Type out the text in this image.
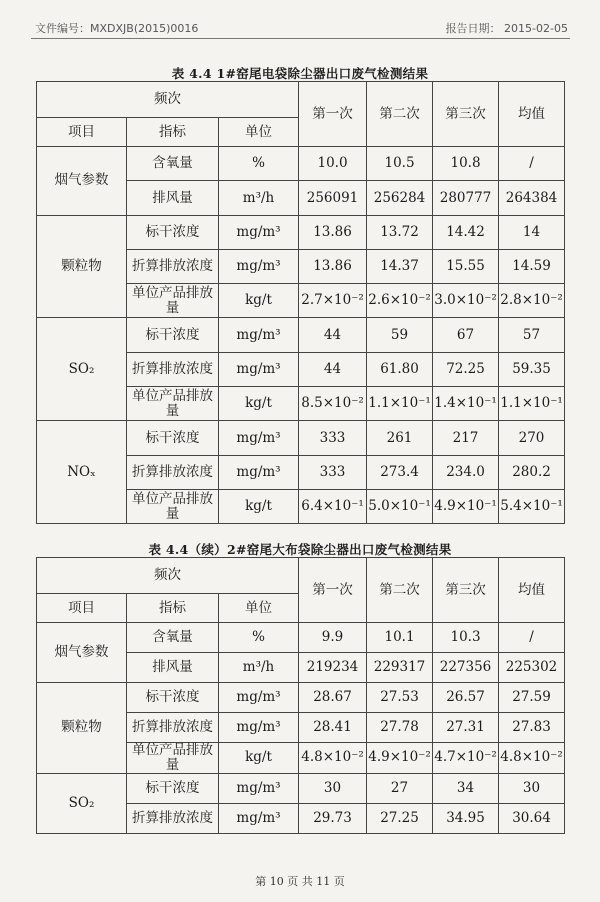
文件编号：MXDXJB(2015)0016	报告日期： 2015-02-05
表 4.4 1#窑尾电袋除尘器出口废气检测结果
频次			第一次	第二次	第三次	均值
项目	指标	单位				
烟气参数	含氧量	%	10.0	10.5	10.8	/
	排风量	m³/h	256091	256284	280777	264384
颗粒物	标干浓度	mg/m³	13.86	13.72	14.42	14
	折算排放浓度	mg/m³	13.86	14.37	15.55	14.59
	单位产品排放量	kg/t	2.7×10⁻²	2.6×10⁻²	3.0×10⁻²	2.8×10⁻²
SO₂	标干浓度	mg/m³	44	59	67	57
	折算排放浓度	mg/m³	44	61.80	72.25	59.35
	单位产品排放量	kg/t	8.5×10⁻²	1.1×10⁻¹	1.4×10⁻¹	1.1×10⁻¹
NOₓ	标干浓度	mg/m³	333	261	217	270
	折算排放浓度	mg/m³	333	273.4	234.0	280.2
	单位产品排放量	kg/t	6.4×10⁻¹	5.0×10⁻¹	4.9×10⁻¹	5.4×10⁻¹
表 4.4（续）2#窑尾大布袋除尘器出口废气检测结果
频次			第一次	第二次	第三次	均值
项目	指标	单位				
烟气参数	含氧量	%	9.9	10.1	10.3	/
	排风量	m³/h	219234	229317	227356	225302
颗粒物	标干浓度	mg/m³	28.67	27.53	26.57	27.59
	折算排放浓度	mg/m³	28.41	27.78	27.31	27.83
	单位产品排放量	kg/t	4.8×10⁻²	4.9×10⁻²	4.7×10⁻²	4.8×10⁻²
SO₂	标干浓度	mg/m³	30	27	34	30
	折算排放浓度	mg/m³	29.73	27.25	34.95	30.64
第 10 页 共 11 页
